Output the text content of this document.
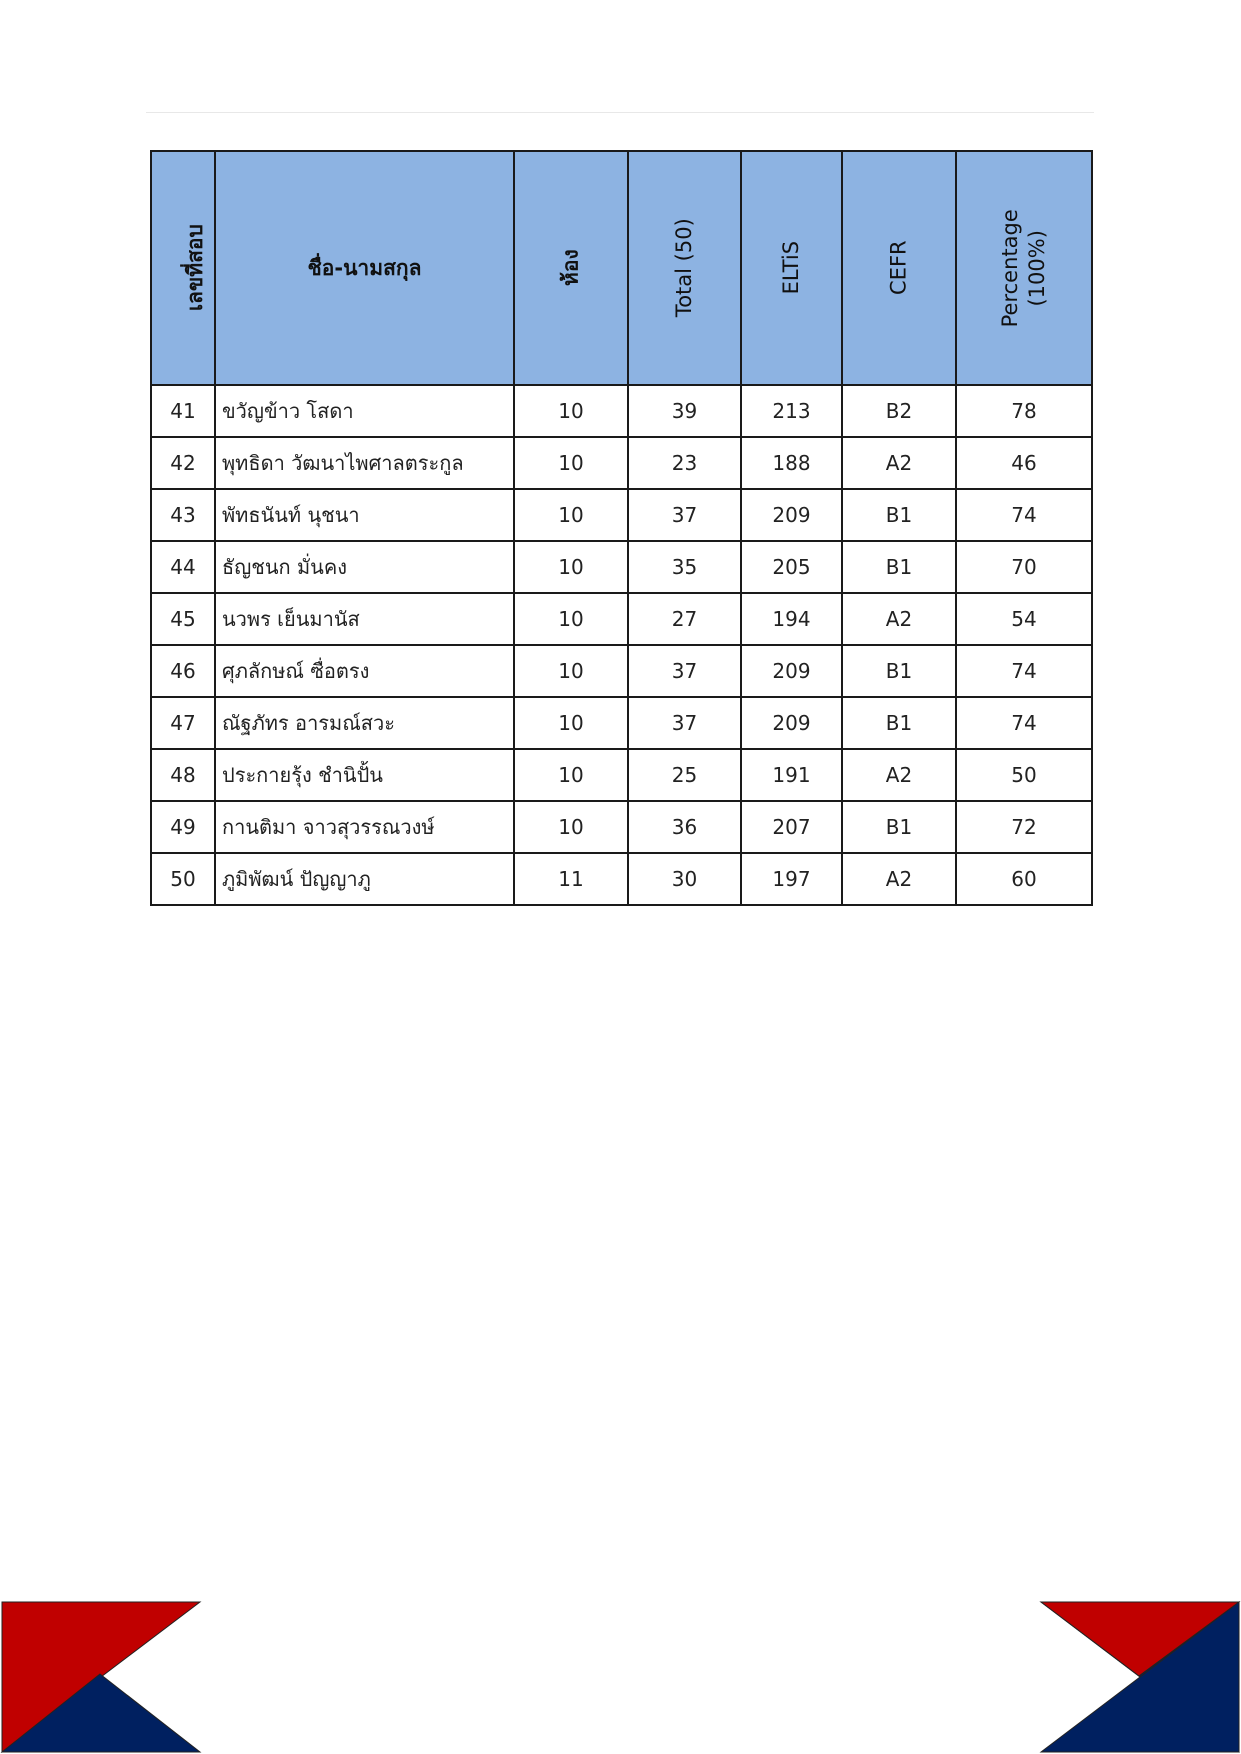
เลขที่สอบ	ชื่อ-นามสกุล	ห้อง	Total (50)	ELTiS	CEFR	Percentage (100%)

41	ขวัญข้าว โสดา	10	39	213	B2	78
42	พุทธิดา วัฒนาไพศาลตระกูล	10	23	188	A2	46
43	พัทธนันท์ นุชนา	10	37	209	B1	74
44	ธัญชนก มั่นคง	10	35	205	B1	70
45	นวพร เย็นมานัส	10	27	194	A2	54
46	ศุภลักษณ์ ซื่อตรง	10	37	209	B1	74
47	ณัฐภัทร อารมณ์สวะ	10	37	209	B1	74
48	ประกายรุ้ง ชำนิปั้น	10	25	191	A2	50
49	กานติมา จาวสุวรรณวงษ์	10	36	207	B1	72
50	ภูมิพัฒน์ ปัญญาภู	11	30	197	A2	60
